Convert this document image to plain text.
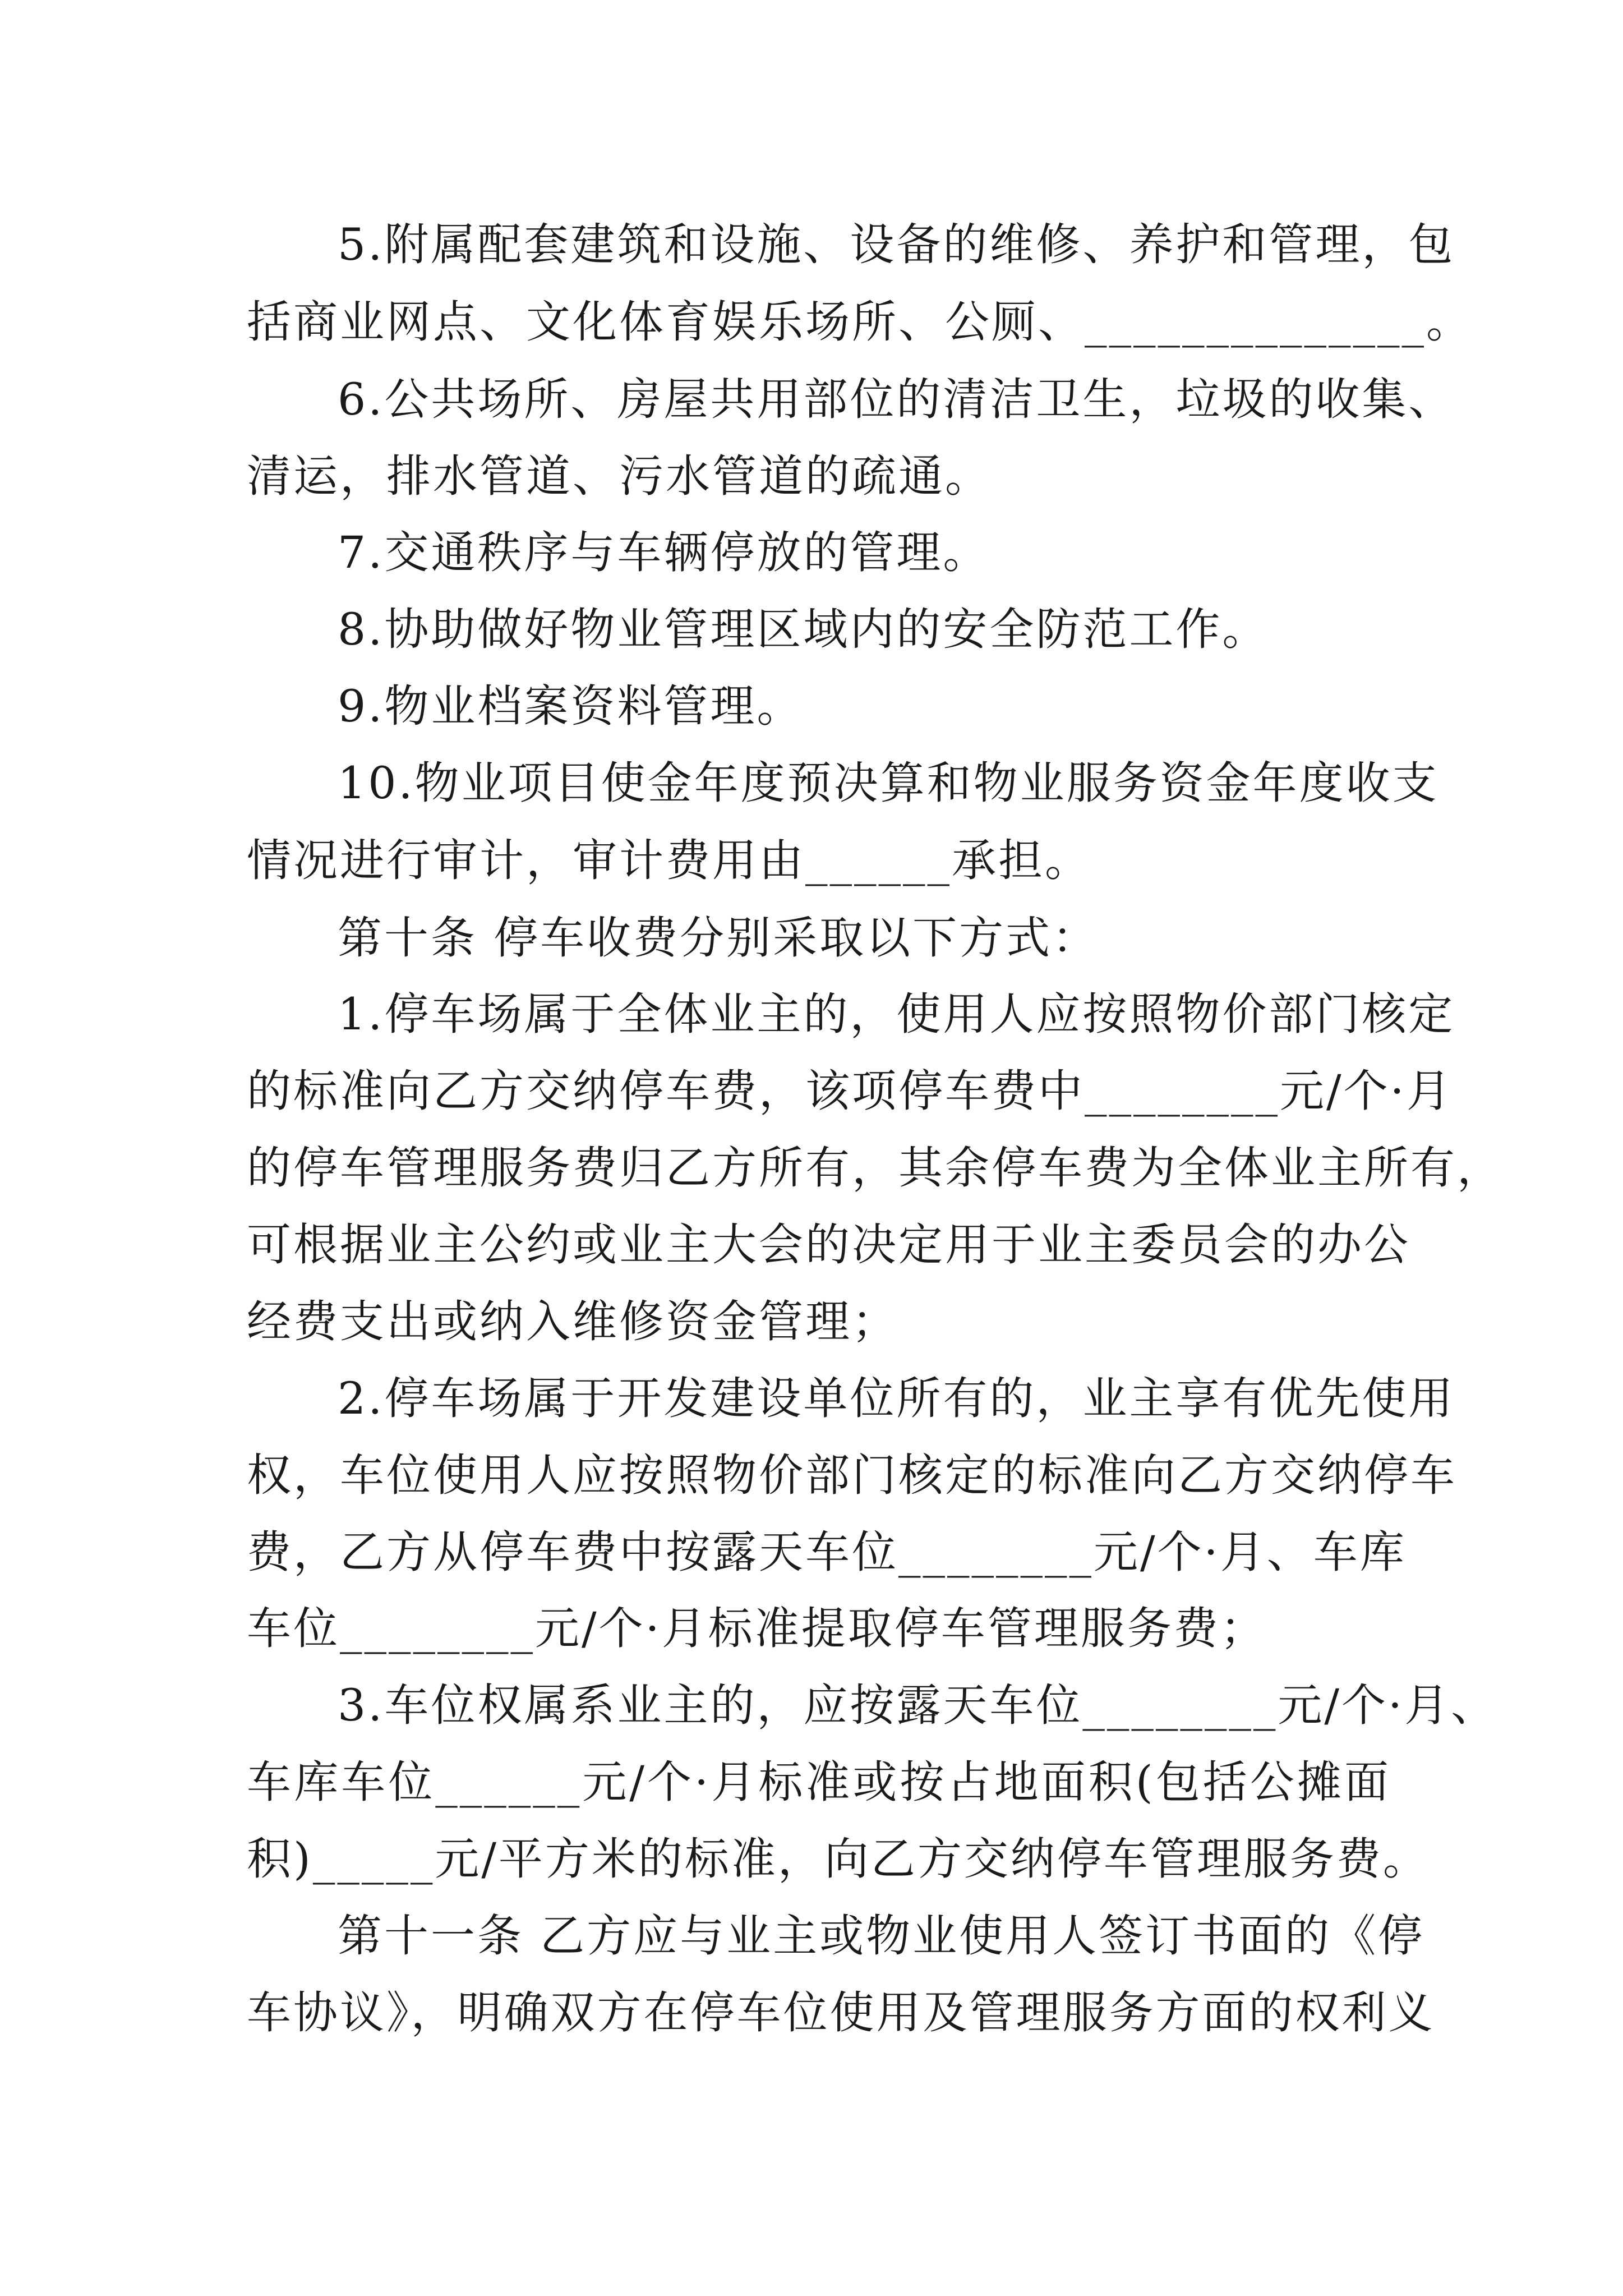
5.附属配套建筑和设施、设备的维修、养护和管理，包
括商业网点、文化体育娱乐场所、公厕、______________。
6.公共场所、房屋共用部位的清洁卫生，垃圾的收集、
清运，排水管道、污水管道的疏通。
7.交通秩序与车辆停放的管理。
8.协助做好物业管理区域内的安全防范工作。
9.物业档案资料管理。
10.物业项目使金年度预决算和物业服务资金年度收支
情况进行审计，审计费用由______承担。
第十条 停车收费分别采取以下方式：
1.停车场属于全体业主的，使用人应按照物价部门核定
的标准向乙方交纳停车费，该项停车费中________元/个·月
的停车管理服务费归乙方所有，其余停车费为全体业主所有，
可根据业主公约或业主大会的决定用于业主委员会的办公
经费支出或纳入维修资金管理；
2.停车场属于开发建设单位所有的，业主享有优先使用
权，车位使用人应按照物价部门核定的标准向乙方交纳停车
费，乙方从停车费中按露天车位________元/个·月、车库
车位________元/个·月标准提取停车管理服务费；
3.车位权属系业主的，应按露天车位________元/个·月、
车库车位______元/个·月标准或按占地面积(包括公摊面
积)_____元/平方米的标准，向乙方交纳停车管理服务费。
第十一条 乙方应与业主或物业使用人签订书面的《停
车协议》，明确双方在停车位使用及管理服务方面的权利义
